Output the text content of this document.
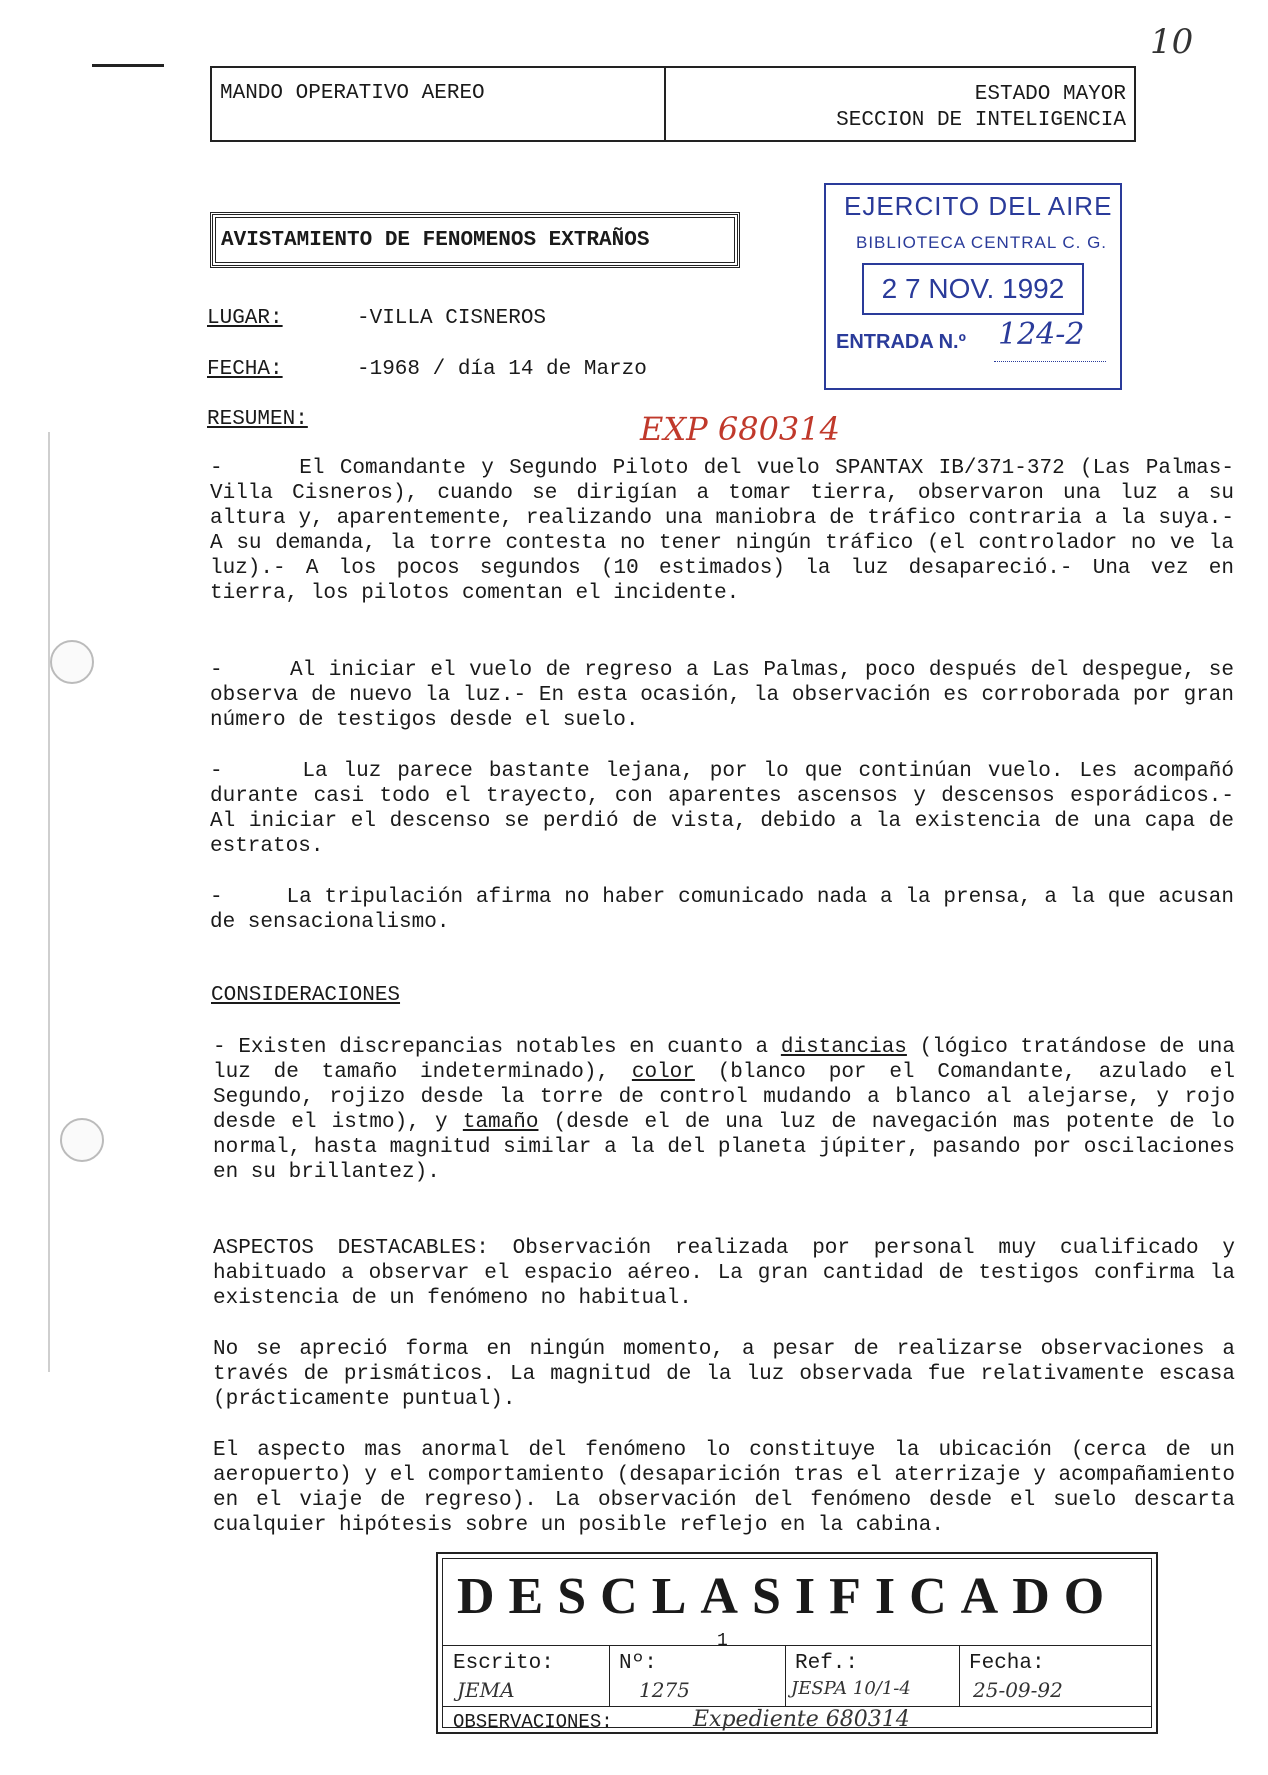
10
MANDO OPERATIVO AEREO	ESTADO MAYOR
SECCION DE INTELIGENCIA
AVISTAMIENTO DE FENOMENOS EXTRAÑOS
EJERCITO DEL AIRE
BIBLIOTECA CENTRAL C. G.
2 7 NOV. 1992
ENTRADA N.º 124-2
LUGAR:	-VILLA CISNEROS
FECHA:	-1968 / día 14 de Marzo
RESUMEN:	EXP 680314

-     El Comandante y Segundo Piloto del vuelo SPANTAX IB/371-372 (Las Palmas-Villa Cisneros), cuando se dirigían a tomar tierra, observaron una luz a su altura y, aparentemente, realizando una maniobra de tráfico contraria a la suya.- A su demanda, la torre contesta no tener ningún tráfico (el controlador no ve la luz).- A los pocos segundos (10 estimados) la luz desapareció.- Una vez en tierra, los pilotos comentan el incidente.

-     Al iniciar el vuelo de regreso a Las Palmas, poco después del despegue, se observa de nuevo la luz.- En esta ocasión, la observación es corroborada por gran número de testigos desde el suelo.

-     La luz parece bastante lejana, por lo que continúan vuelo. Les acompañó durante casi todo el trayecto, con aparentes ascensos y descensos esporádicos.- Al iniciar el descenso se perdió de vista, debido a la existencia de una capa de estratos.

-     La tripulación afirma no haber comunicado nada a la prensa, a la que acusan de sensacionalismo.

CONSIDERACIONES

- Existen discrepancias notables en cuanto a distancias (lógico tratándose de una luz de tamaño indeterminado), color (blanco por el Comandante, azulado el Segundo, rojizo desde la torre de control mudando a blanco al alejarse, y rojo desde el istmo), y tamaño (desde el de una luz de navegación mas potente de lo normal, hasta magnitud similar a la del planeta júpiter, pasando por oscilaciones en su brillantez).

ASPECTOS DESTACABLES: Observación realizada por personal muy cualificado y habituado a observar el espacio aéreo. La gran cantidad de testigos confirma la existencia de un fenómeno no habitual.

No se apreció forma en ningún momento, a pesar de realizarse observaciones a través de prismáticos. La magnitud de la luz observada fue relativamente escasa (prácticamente puntual).

El aspecto mas anormal del fenómeno lo constituye la ubicación (cerca de un aeropuerto) y el comportamiento (desaparición tras el aterrizaje y acompañamiento en el viaje de regreso). La observación del fenómeno desde el suelo descarta cualquier hipótesis sobre un posible reflejo en la cabina.

DESCLASIFICADO
1
Escrito:
JEMA
Nº:
1275
Ref.:
JESPA 10/1-4
Fecha:
25-09-92
OBSERVACIONES:	Expediente 680314
